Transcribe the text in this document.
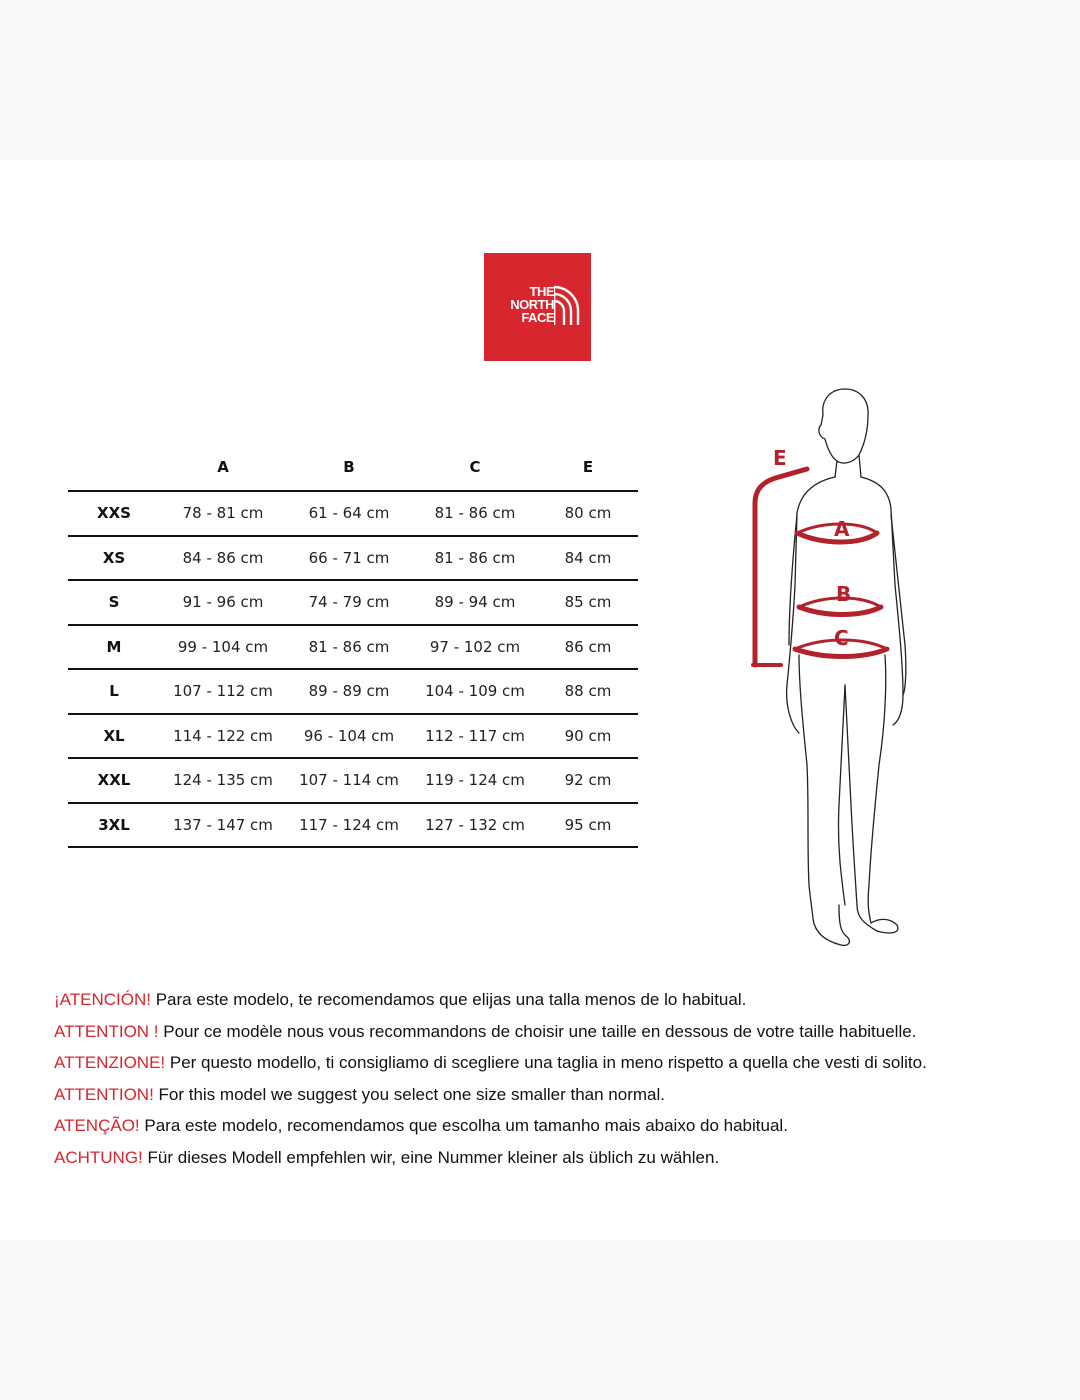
THE
NORTH
FACE
	A	B	C	E
XXS	78 - 81 cm	61 - 64 cm	81 - 86 cm	80 cm
XS	84 - 86 cm	66 - 71 cm	81 - 86 cm	84 cm
S	91 - 96 cm	74 - 79 cm	89 - 94 cm	85 cm
M	99 - 104 cm	81 - 86 cm	97 - 102 cm	86 cm
L	107 - 112 cm	89 - 89 cm	104 - 109 cm	88 cm
XL	114 - 122 cm	96 - 104 cm	112 - 117 cm	90 cm
XXL	124 - 135 cm	107 - 114 cm	119 - 124 cm	92 cm
3XL	137 - 147 cm	117 - 124 cm	127 - 132 cm	95 cm
E
A
B
C
¡ATENCIÓN! Para este modelo, te recomendamos que elijas una talla menos de lo habitual.
ATTENTION ! Pour ce modèle nous vous recommandons de choisir une taille en dessous de votre taille habituelle.
ATTENZIONE! Per questo modello, ti consigliamo di scegliere una taglia in meno rispetto a quella che vesti di solito.
ATTENTION! For this model we suggest you select one size smaller than normal.
ATENÇÃO! Para este modelo, recomendamos que escolha um tamanho mais abaixo do habitual.
ACHTUNG! Für dieses Modell empfehlen wir, eine Nummer kleiner als üblich zu wählen.
